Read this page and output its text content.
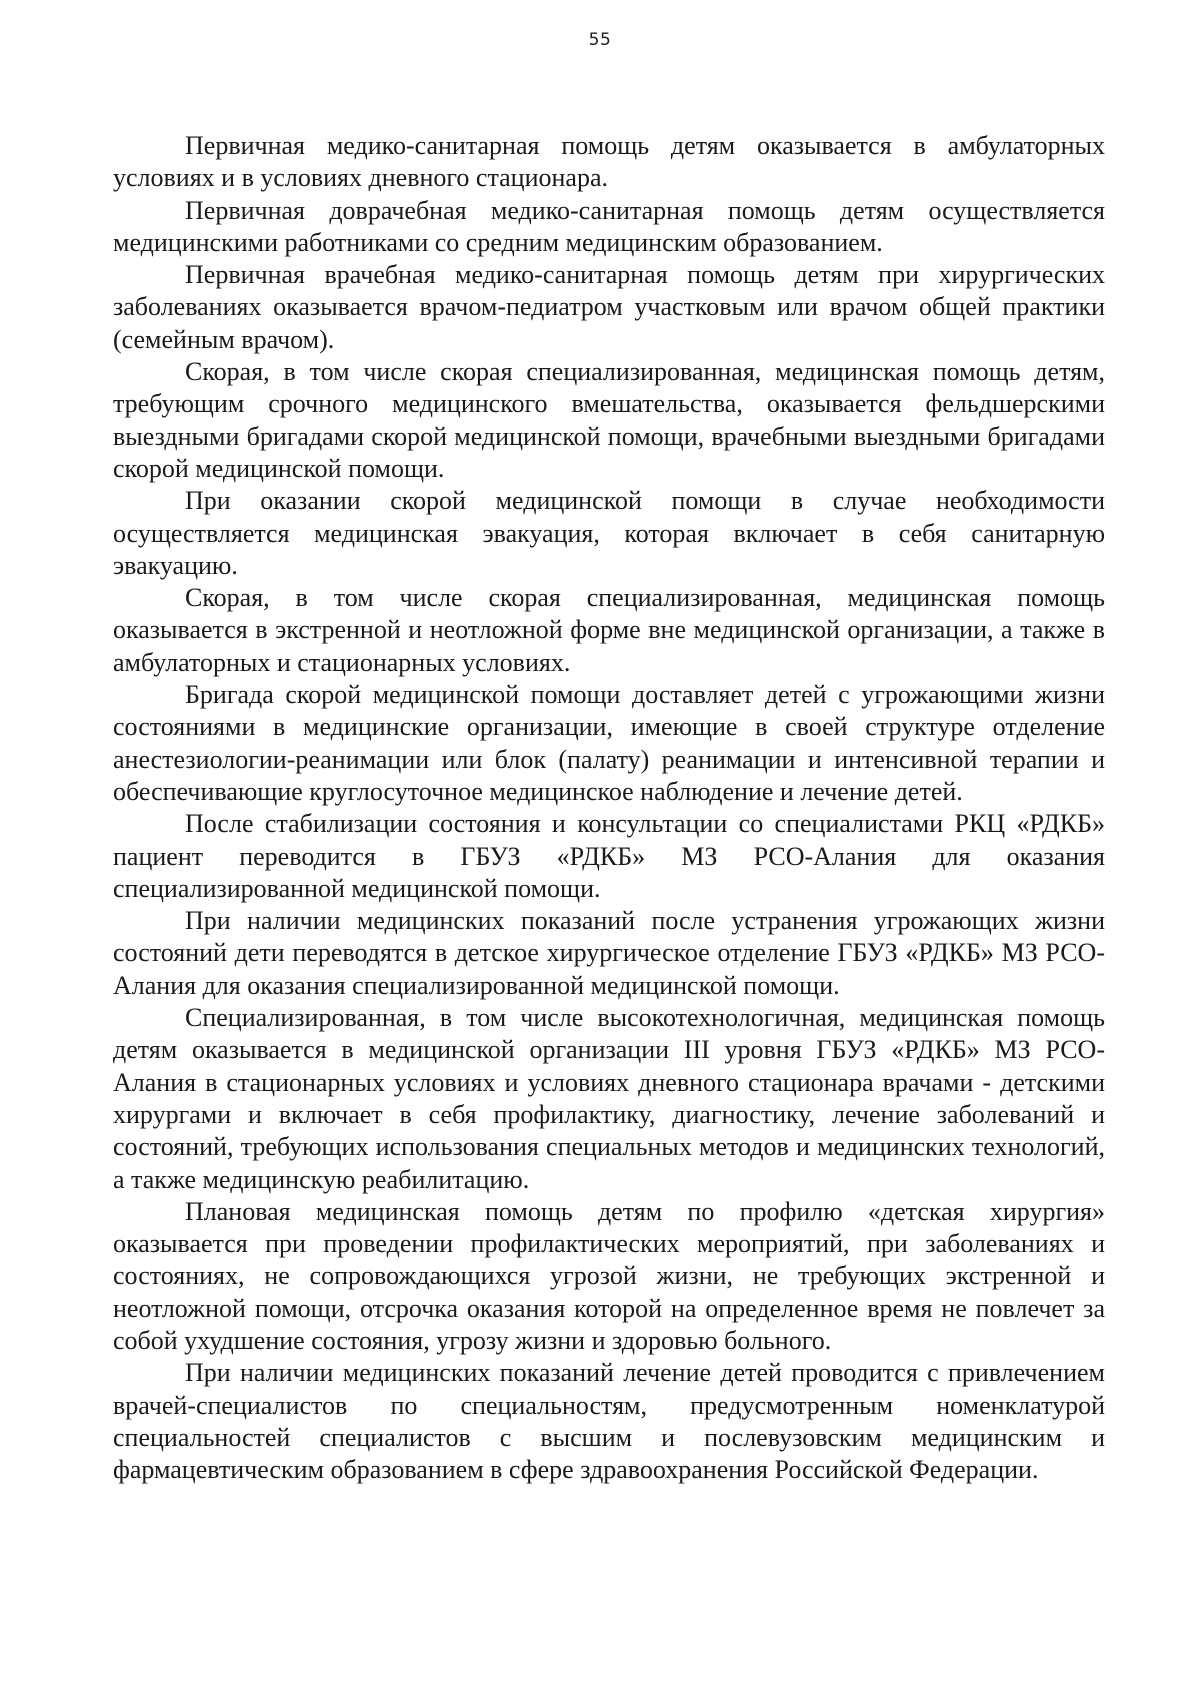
55

Первичная медико-санитарная помощь детям оказывается в амбулаторных условиях и в условиях дневного стационара.

Первичная доврачебная медико-санитарная помощь детям осуществляется медицинскими работниками со средним медицинским образованием.

Первичная врачебная медико-санитарная помощь детям при хирургических заболеваниях оказывается врачом-педиатром участковым или врачом общей практики (семейным врачом).

Скорая, в том числе скорая специализированная, медицинская помощь детям, требующим срочного медицинского вмешательства, оказывается фельдшерскими выездными бригадами скорой медицинской помощи, врачебными выездными бригадами скорой медицинской помощи.

При оказании скорой медицинской помощи в случае необходимости осуществляется медицинская эвакуация, которая включает в себя санитарную эвакуацию.

Скорая, в том числе скорая специализированная, медицинская помощь оказывается в экстренной и неотложной форме вне медицинской организации, а также в амбулаторных и стационарных условиях.

Бригада скорой медицинской помощи доставляет детей с угрожающими жизни состояниями в медицинские организации, имеющие в своей структуре отделение анестезиологии-реанимации или блок (палату) реанимации и интенсивной терапии и обеспечивающие круглосуточное медицинское наблюдение и лечение детей.

После стабилизации состояния и консультации со специалистами РКЦ «РДКБ» пациент переводится в ГБУЗ «РДКБ» МЗ РСО-Алания для оказания специализированной медицинской помощи.

При наличии медицинских показаний после устранения угрожающих жизни состояний дети переводятся в детское хирургическое отделение ГБУЗ «РДКБ» МЗ РСО-Алания для оказания специализированной медицинской помощи.

Специализированная, в том числе высокотехнологичная, медицинская помощь детям оказывается в медицинской организации III уровня ГБУЗ «РДКБ» МЗ РСО-Алания в стационарных условиях и условиях дневного стационара врачами - детскими хирургами и включает в себя профилактику, диагностику, лечение заболеваний и состояний, требующих использования специальных методов и медицинских технологий, а также медицинскую реабилитацию.

Плановая медицинская помощь детям по профилю «детская хирургия» оказывается при проведении профилактических мероприятий, при заболеваниях и состояниях, не сопровождающихся угрозой жизни, не требующих экстренной и неотложной помощи, отсрочка оказания которой на определенное время не повлечет за собой ухудшение состояния, угрозу жизни и здоровью больного.

При наличии медицинских показаний лечение детей проводится с привлечением врачей-специалистов по специальностям, предусмотренным номенклатурой специальностей специалистов с высшим и послевузовским медицинским и фармацевтическим образованием в сфере здравоохранения Российской Федерации.
